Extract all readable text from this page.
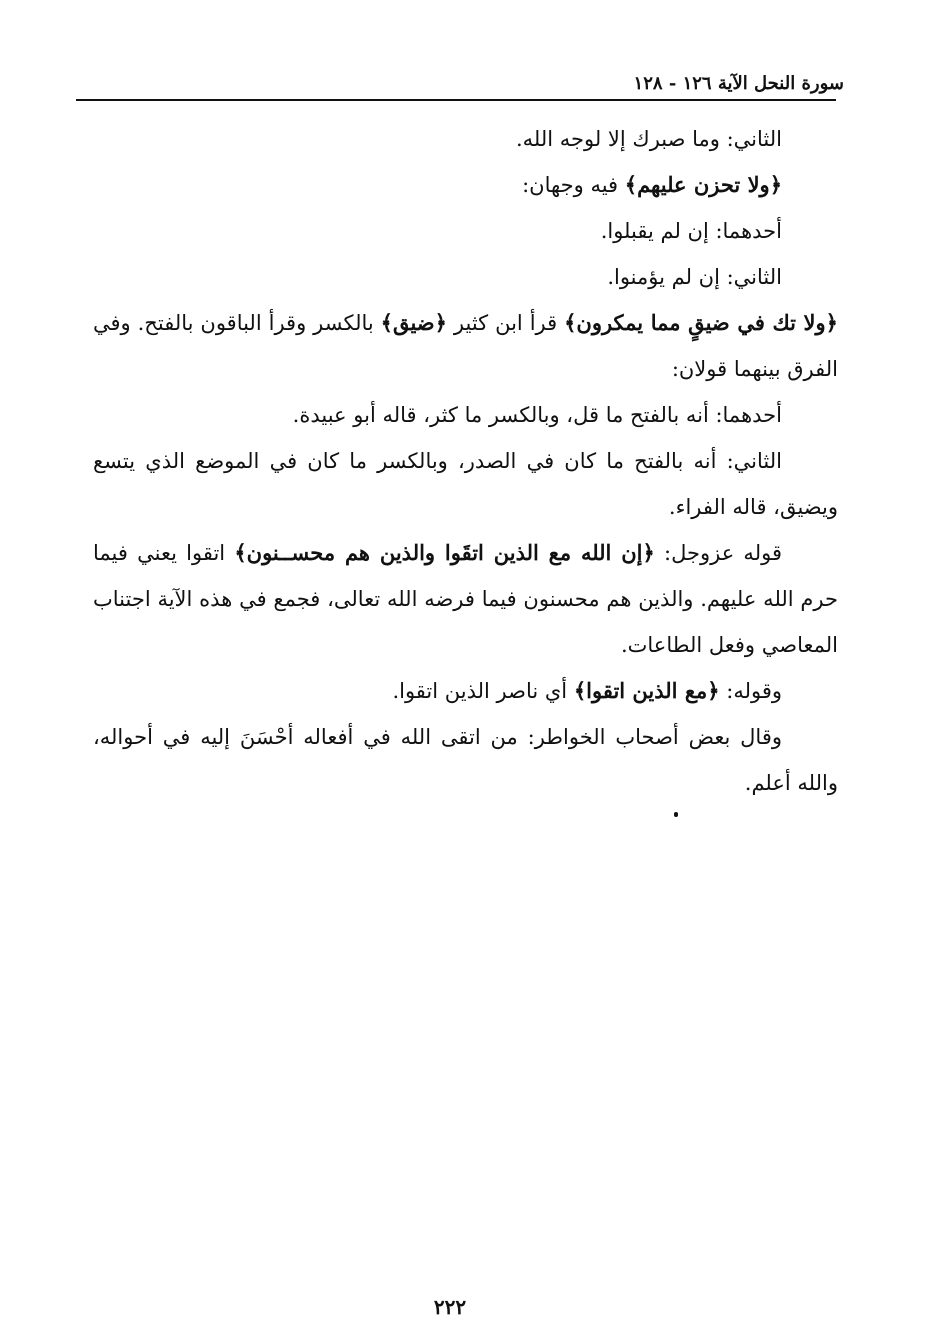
سورة النحل الآية ١٢٦ - ١٢٨

الثاني: وما صبرك إلا لوجه الله.

﴿ولا تحزن عليهم﴾ فيه وجهان:

أحدهما: إن لم يقبلوا.

الثاني: إن لم يؤمنوا.

﴿ولا تك في ضيقٍ مما يمكرون﴾ قرأ ابن كثير ﴿ضيق﴾ بالكسر وقرأ الباقون بالفتح. وفي الفرق بينهما قولان:

أحدهما: أنه بالفتح ما قل، وبالكسر ما كثر، قاله أبو عبيدة.

الثاني: أنه بالفتح ما كان في الصدر، وبالكسر ما كان في الموضع الذي يتسع ويضيق، قاله الفراء.

قوله عزوجل: ﴿إن الله مع الذين اتقَوا والذين هم محســنون﴾ اتقوا يعني فيما حرم الله عليهم. والذين هم محسنون فيما فرضه الله تعالى، فجمع في هذه الآية اجتناب المعاصي وفعل الطاعات.

وقوله: ﴿مع الذين اتقوا﴾ أي ناصر الذين اتقوا.

وقال بعض أصحاب الخواطر: من اتقى الله في أفعاله أحْسَنَ إليه في أحواله، والله أعلم.

٢٢٢
